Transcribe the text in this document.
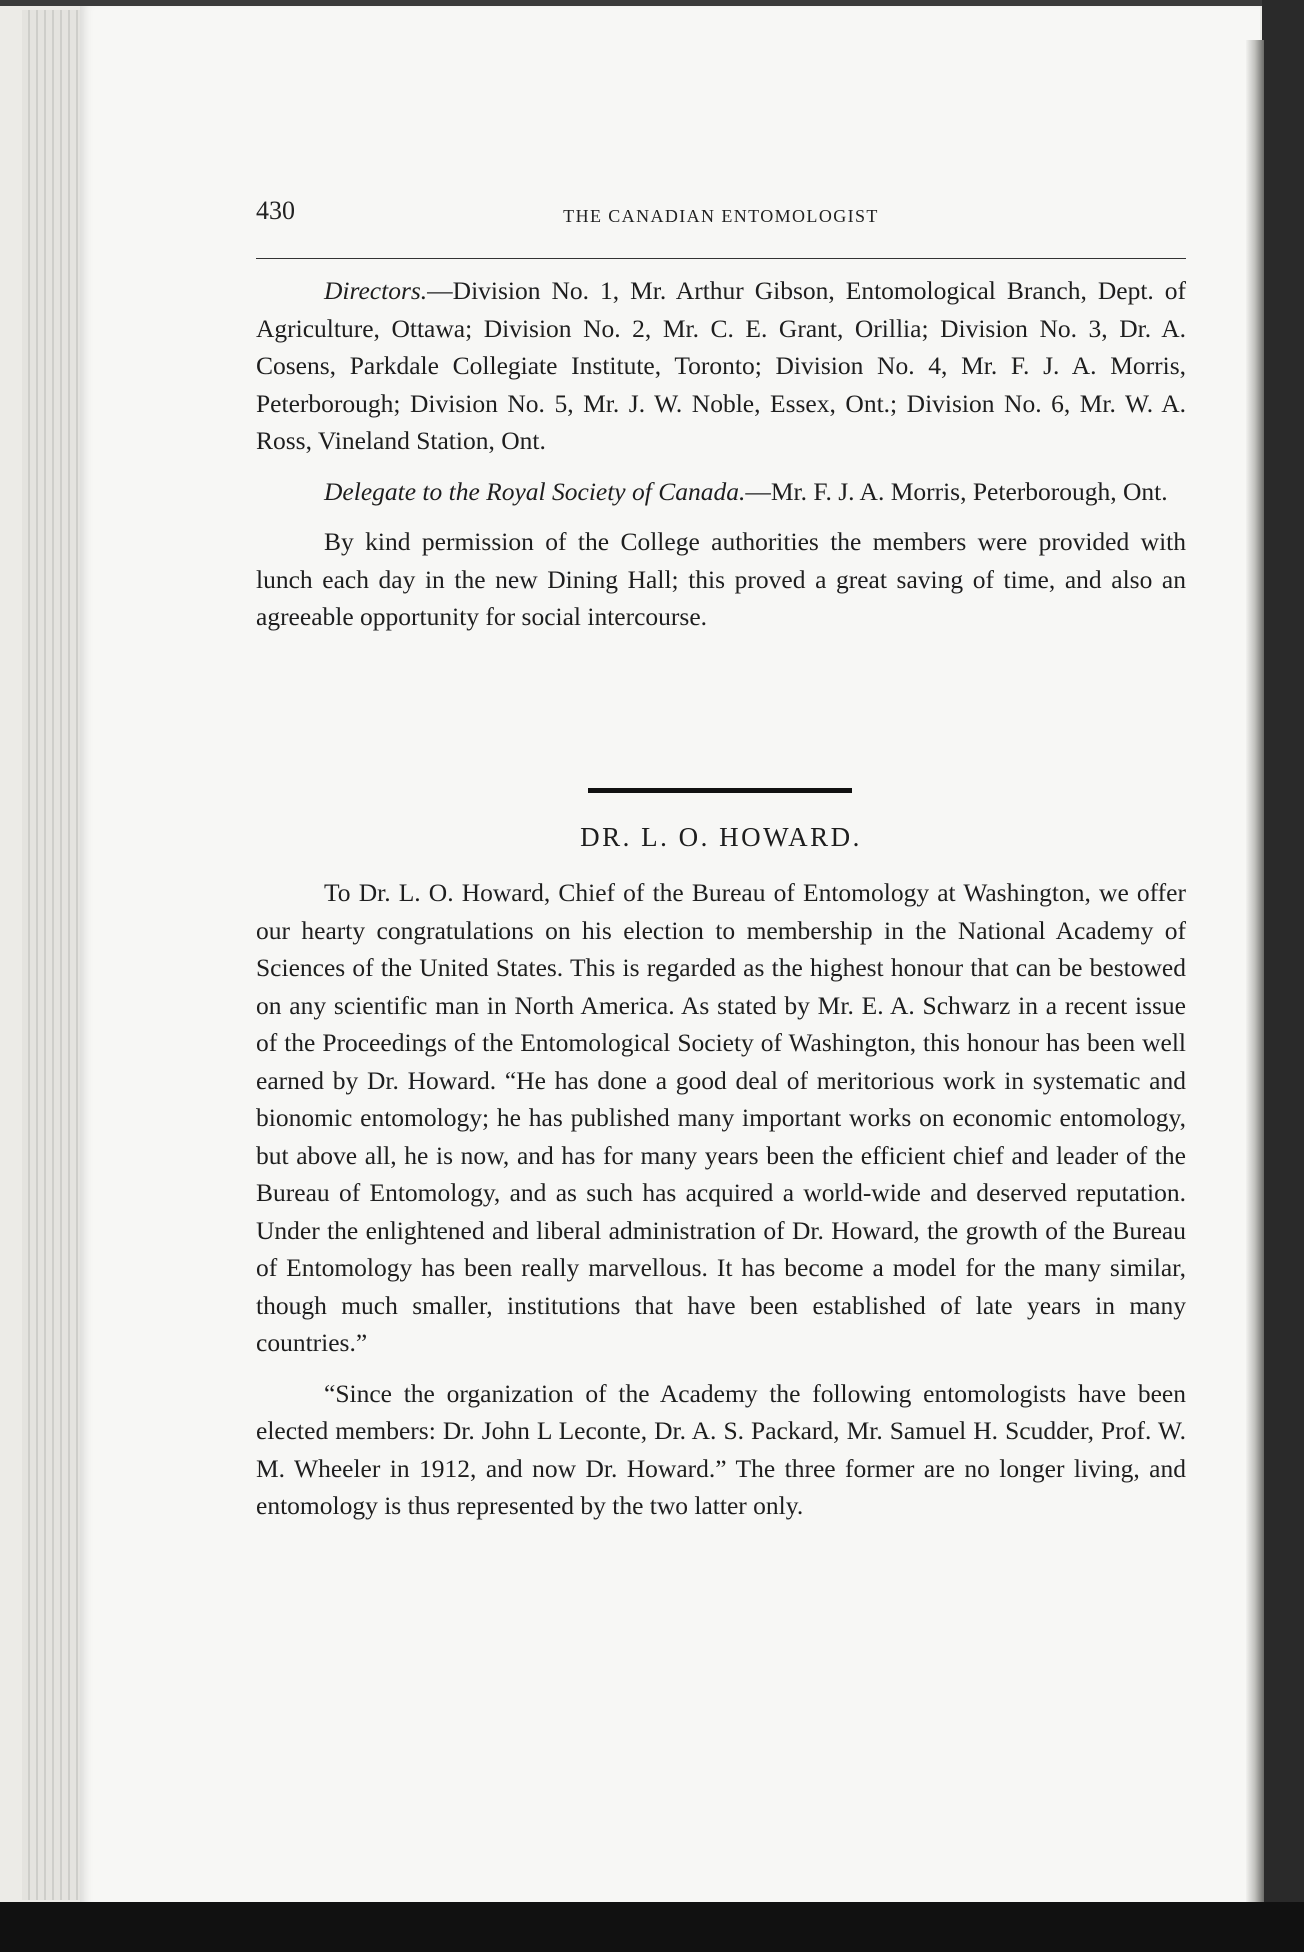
430	THE CANADIAN ENTOMOLOGIST

Directors.—Division No. 1, Mr. Arthur Gibson, Entomological Branch, Dept. of Agriculture, Ottawa; Division No. 2, Mr. C. E. Grant, Orillia; Division No. 3, Dr. A. Cosens, Parkdale Collegiate Institute, Toronto; Division No. 4, Mr. F. J. A. Morris, Peterborough; Division No. 5, Mr. J. W. Noble, Essex, Ont.; Division No. 6, Mr. W. A. Ross, Vineland Station, Ont.

Delegate to the Royal Society of Canada.—Mr. F. J. A. Morris, Peterborough, Ont.

By kind permission of the College authorities the members were provided with lunch each day in the new Dining Hall; this proved a great saving of time, and also an agreeable opportunity for social intercourse.

DR. L. O. HOWARD.

To Dr. L. O. Howard, Chief of the Bureau of Entomology at Washington, we offer our hearty congratulations on his election to membership in the National Academy of Sciences of the United States. This is regarded as the highest honour that can be bestowed on any scientific man in North America. As stated by Mr. E. A. Schwarz in a recent issue of the Proceedings of the Entomological Society of Washington, this honour has been well earned by Dr. Howard. “He has done a good deal of meritorious work in systematic and bionomic entomology; he has published many important works on economic entomology, but above all, he is now, and has for many years been the efficient chief and leader of the Bureau of Entomology, and as such has acquired a world-wide and deserved reputation. Under the enlightened and liberal administration of Dr. Howard, the growth of the Bureau of Entomology has been really marvellous. It has become a model for the many similar, though much smaller, institutions that have been established of late years in many countries.”

“Since the organization of the Academy the following entomologists have been elected members: Dr. John L Leconte, Dr. A. S. Packard, Mr. Samuel H. Scudder, Prof. W. M. Wheeler in 1912, and now Dr. Howard.” The three former are no longer living, and entomology is thus represented by the two latter only.
